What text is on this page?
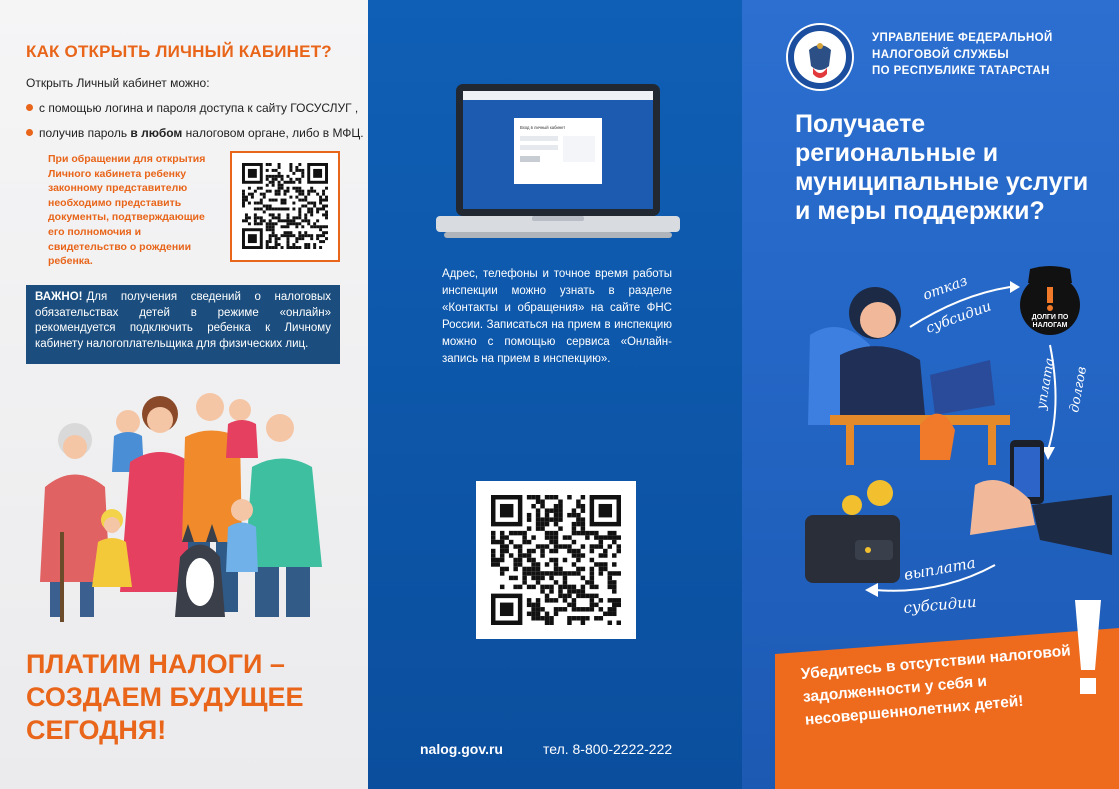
КАК ОТКРЫТЬ ЛИЧНЫЙ КАБИНЕТ?
Открыть Личный кабинет можно:
с помощью логина и пароля доступа к сайту ГОСУСЛУГ ,
получив пароль в любом налоговом органе, либо в МФЦ.
При обращении для открытия Личного кабинета ребенку законному представителю необходимо представить документы, подтверждающие его полномочия и свидетельство о рождении ребенка.
ВАЖНО! Для получения сведений о налоговых обязательствах детей в режиме «онлайн» рекомендуется подключить ребенка к Личному кабинету налогоплательщика для физических лиц.
ПЛАТИМ НАЛОГИ – СОЗДАЕМ БУДУЩЕЕ СЕГОДНЯ!
Вход в личный кабинет
Адрес, телефоны и точное время работы инспекции можно узнать в разделе «Контакты и обращения» на сайте ФНС России. Записаться на прием в инспекцию можно с помощью сервиса «Онлайн-запись на прием в инспекцию».
nalog.gov.ru	тел. 8-800-2222-222
УПРАВЛЕНИЕ ФЕДЕРАЛЬНОЙ
НАЛОГОВОЙ СЛУЖБЫ
ПО РЕСПУБЛИКЕ ТАТАРСТАН
Получаете региональные и муниципальные услуги и меры поддержки?
ДОЛГИ ПО
НАЛОГАМ
отказ
субсидии
уплата долгов
выплата
субсидии
Убедитесь в отсутствии налоговой задолженности у себя и несовершеннолетних детей!
